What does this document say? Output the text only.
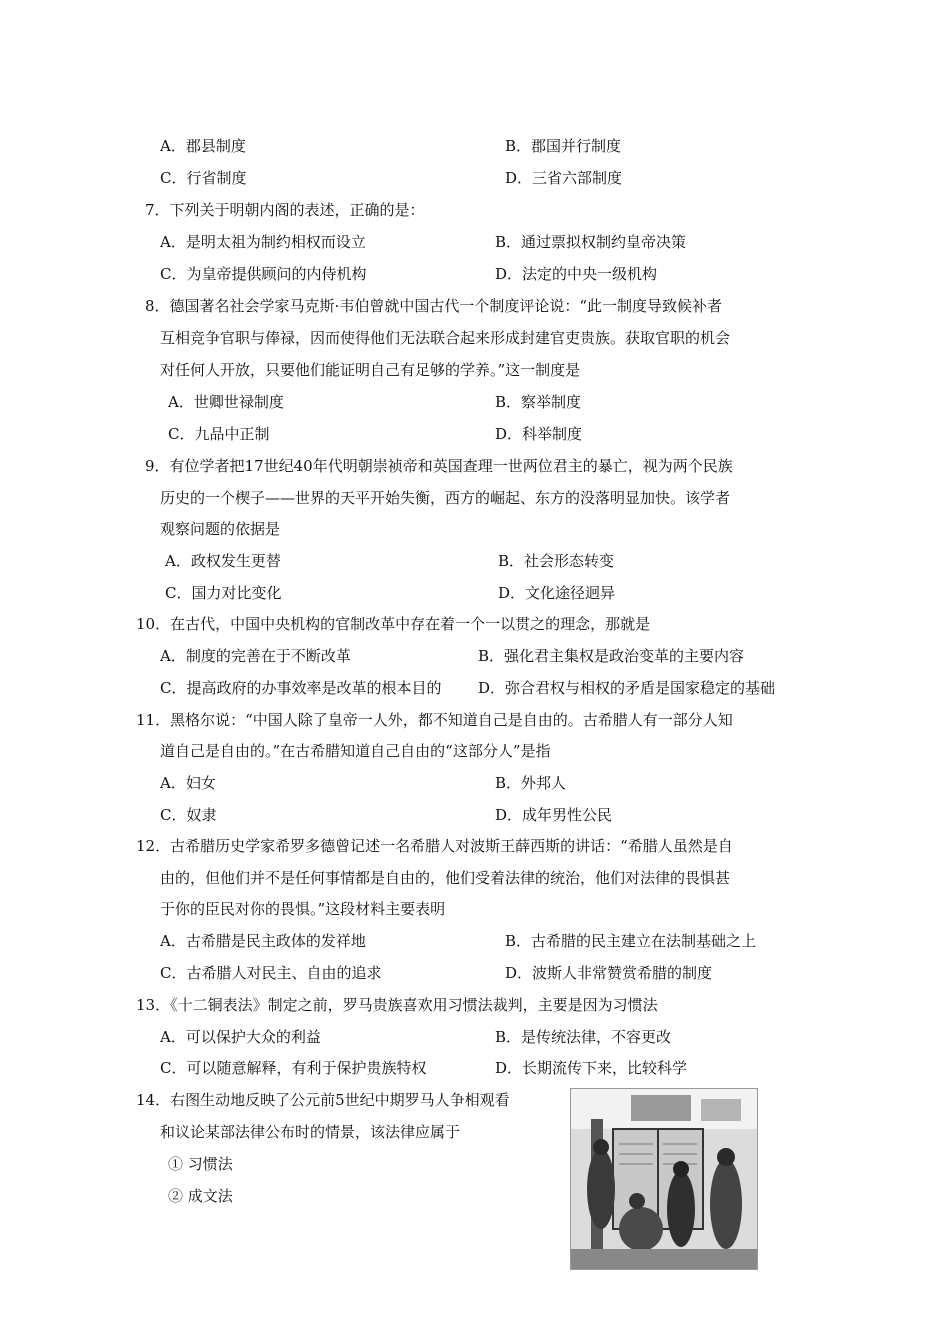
A．郡县制度	B．郡国并行制度
C．行省制度	D．三省六部制度
7．下列关于明朝内阁的表述，正确的是：
A．是明太祖为制约相权而设立	B．通过票拟权制约皇帝决策
C．为皇帝提供顾问的内侍机构	D．法定的中央一级机构
8．德国著名社会学家马克斯·韦伯曾就中国古代一个制度评论说：“此一制度导致候补者
互相竞争官职与俸禄，因而使得他们无法联合起来形成封建官吏贵族。获取官职的机会
对任何人开放，只要他们能证明自己有足够的学养。”这一制度是
A．世卿世禄制度	B．察举制度
C．九品中正制	D．科举制度
9．有位学者把17世纪40年代明朝崇祯帝和英国查理一世两位君主的暴亡，视为两个民族
历史的一个楔子——世界的天平开始失衡，西方的崛起、东方的没落明显加快。该学者
观察问题的依据是
A．政权发生更替	B．社会形态转变
C．国力对比变化	D．文化途径迥异
10．在古代，中国中央机构的官制改革中存在着一个一以贯之的理念，那就是
A．制度的完善在于不断改革	B．强化君主集权是政治变革的主要内容
C．提高政府的办事效率是改革的根本目的 D．弥合君权与相权的矛盾是国家稳定的基础
11．黑格尔说：“中国人除了皇帝一人外，都不知道自己是自由的。古希腊人有一部分人知
道自己是自由的。”在古希腊知道自己自由的“这部分人”是指
A．妇女	B．外邦人
C．奴隶	D．成年男性公民
12．古希腊历史学家希罗多德曾记述一名希腊人对波斯王薛西斯的讲话：“希腊人虽然是自
由的，但他们并不是任何事情都是自由的，他们受着法律的统治，他们对法律的畏惧甚
于你的臣民对你的畏惧。”这段材料主要表明
A．古希腊是民主政体的发祥地	B．古希腊的民主建立在法制基础之上
C．古希腊人对民主、自由的追求	D．波斯人非常赞赏希腊的制度
13．《十二铜表法》制定之前，罗马贵族喜欢用习惯法裁判，主要是因为习惯法
A．可以保护大众的利益	B．是传统法律，不容更改
C．可以随意解释，有利于保护贵族特权	D．长期流传下来，比较科学
14．右图生动地反映了公元前5世纪中期罗马人争相观看
和议论某部法律公布时的情景，该法律应属于
① 习惯法
② 成文法
